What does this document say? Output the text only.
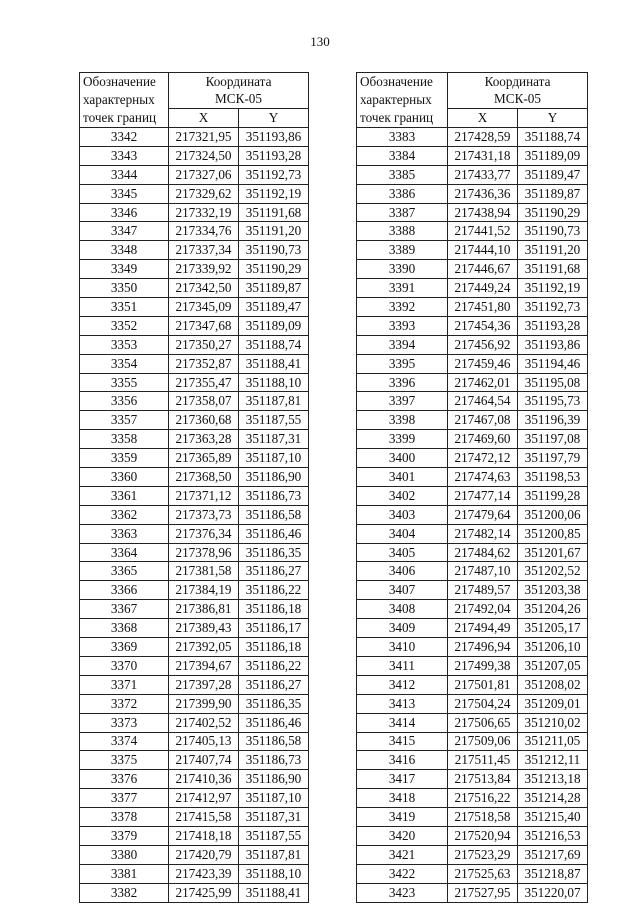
130
Обозначение характерных точек границ	Координата
МСК-05	

	X	Y
3342	217321,95	351193,86
3343	217324,50	351193,28
3344	217327,06	351192,73
3345	217329,62	351192,19
3346	217332,19	351191,68
3347	217334,76	351191,20
3348	217337,34	351190,73
3349	217339,92	351190,29
3350	217342,50	351189,87
3351	217345,09	351189,47
3352	217347,68	351189,09
3353	217350,27	351188,74
3354	217352,87	351188,41
3355	217355,47	351188,10
3356	217358,07	351187,81
3357	217360,68	351187,55
3358	217363,28	351187,31
3359	217365,89	351187,10
3360	217368,50	351186,90
3361	217371,12	351186,73
3362	217373,73	351186,58
3363	217376,34	351186,46
3364	217378,96	351186,35
3365	217381,58	351186,27
3366	217384,19	351186,22
3367	217386,81	351186,18
3368	217389,43	351186,17
3369	217392,05	351186,18
3370	217394,67	351186,22
3371	217397,28	351186,27
3372	217399,90	351186,35
3373	217402,52	351186,46
3374	217405,13	351186,58
3375	217407,74	351186,73
3376	217410,36	351186,90
3377	217412,97	351187,10
3378	217415,58	351187,31
3379	217418,18	351187,55
3380	217420,79	351187,81
3381	217423,39	351188,10
3382	217425,99	351188,41
Обозначение характерных точек границ	Координата
МСК-05	

	X	Y
3383	217428,59	351188,74
3384	217431,18	351189,09
3385	217433,77	351189,47
3386	217436,36	351189,87
3387	217438,94	351190,29
3388	217441,52	351190,73
3389	217444,10	351191,20
3390	217446,67	351191,68
3391	217449,24	351192,19
3392	217451,80	351192,73
3393	217454,36	351193,28
3394	217456,92	351193,86
3395	217459,46	351194,46
3396	217462,01	351195,08
3397	217464,54	351195,73
3398	217467,08	351196,39
3399	217469,60	351197,08
3400	217472,12	351197,79
3401	217474,63	351198,53
3402	217477,14	351199,28
3403	217479,64	351200,06
3404	217482,14	351200,85
3405	217484,62	351201,67
3406	217487,10	351202,52
3407	217489,57	351203,38
3408	217492,04	351204,26
3409	217494,49	351205,17
3410	217496,94	351206,10
3411	217499,38	351207,05
3412	217501,81	351208,02
3413	217504,24	351209,01
3414	217506,65	351210,02
3415	217509,06	351211,05
3416	217511,45	351212,11
3417	217513,84	351213,18
3418	217516,22	351214,28
3419	217518,58	351215,40
3420	217520,94	351216,53
3421	217523,29	351217,69
3422	217525,63	351218,87
3423	217527,95	351220,07
